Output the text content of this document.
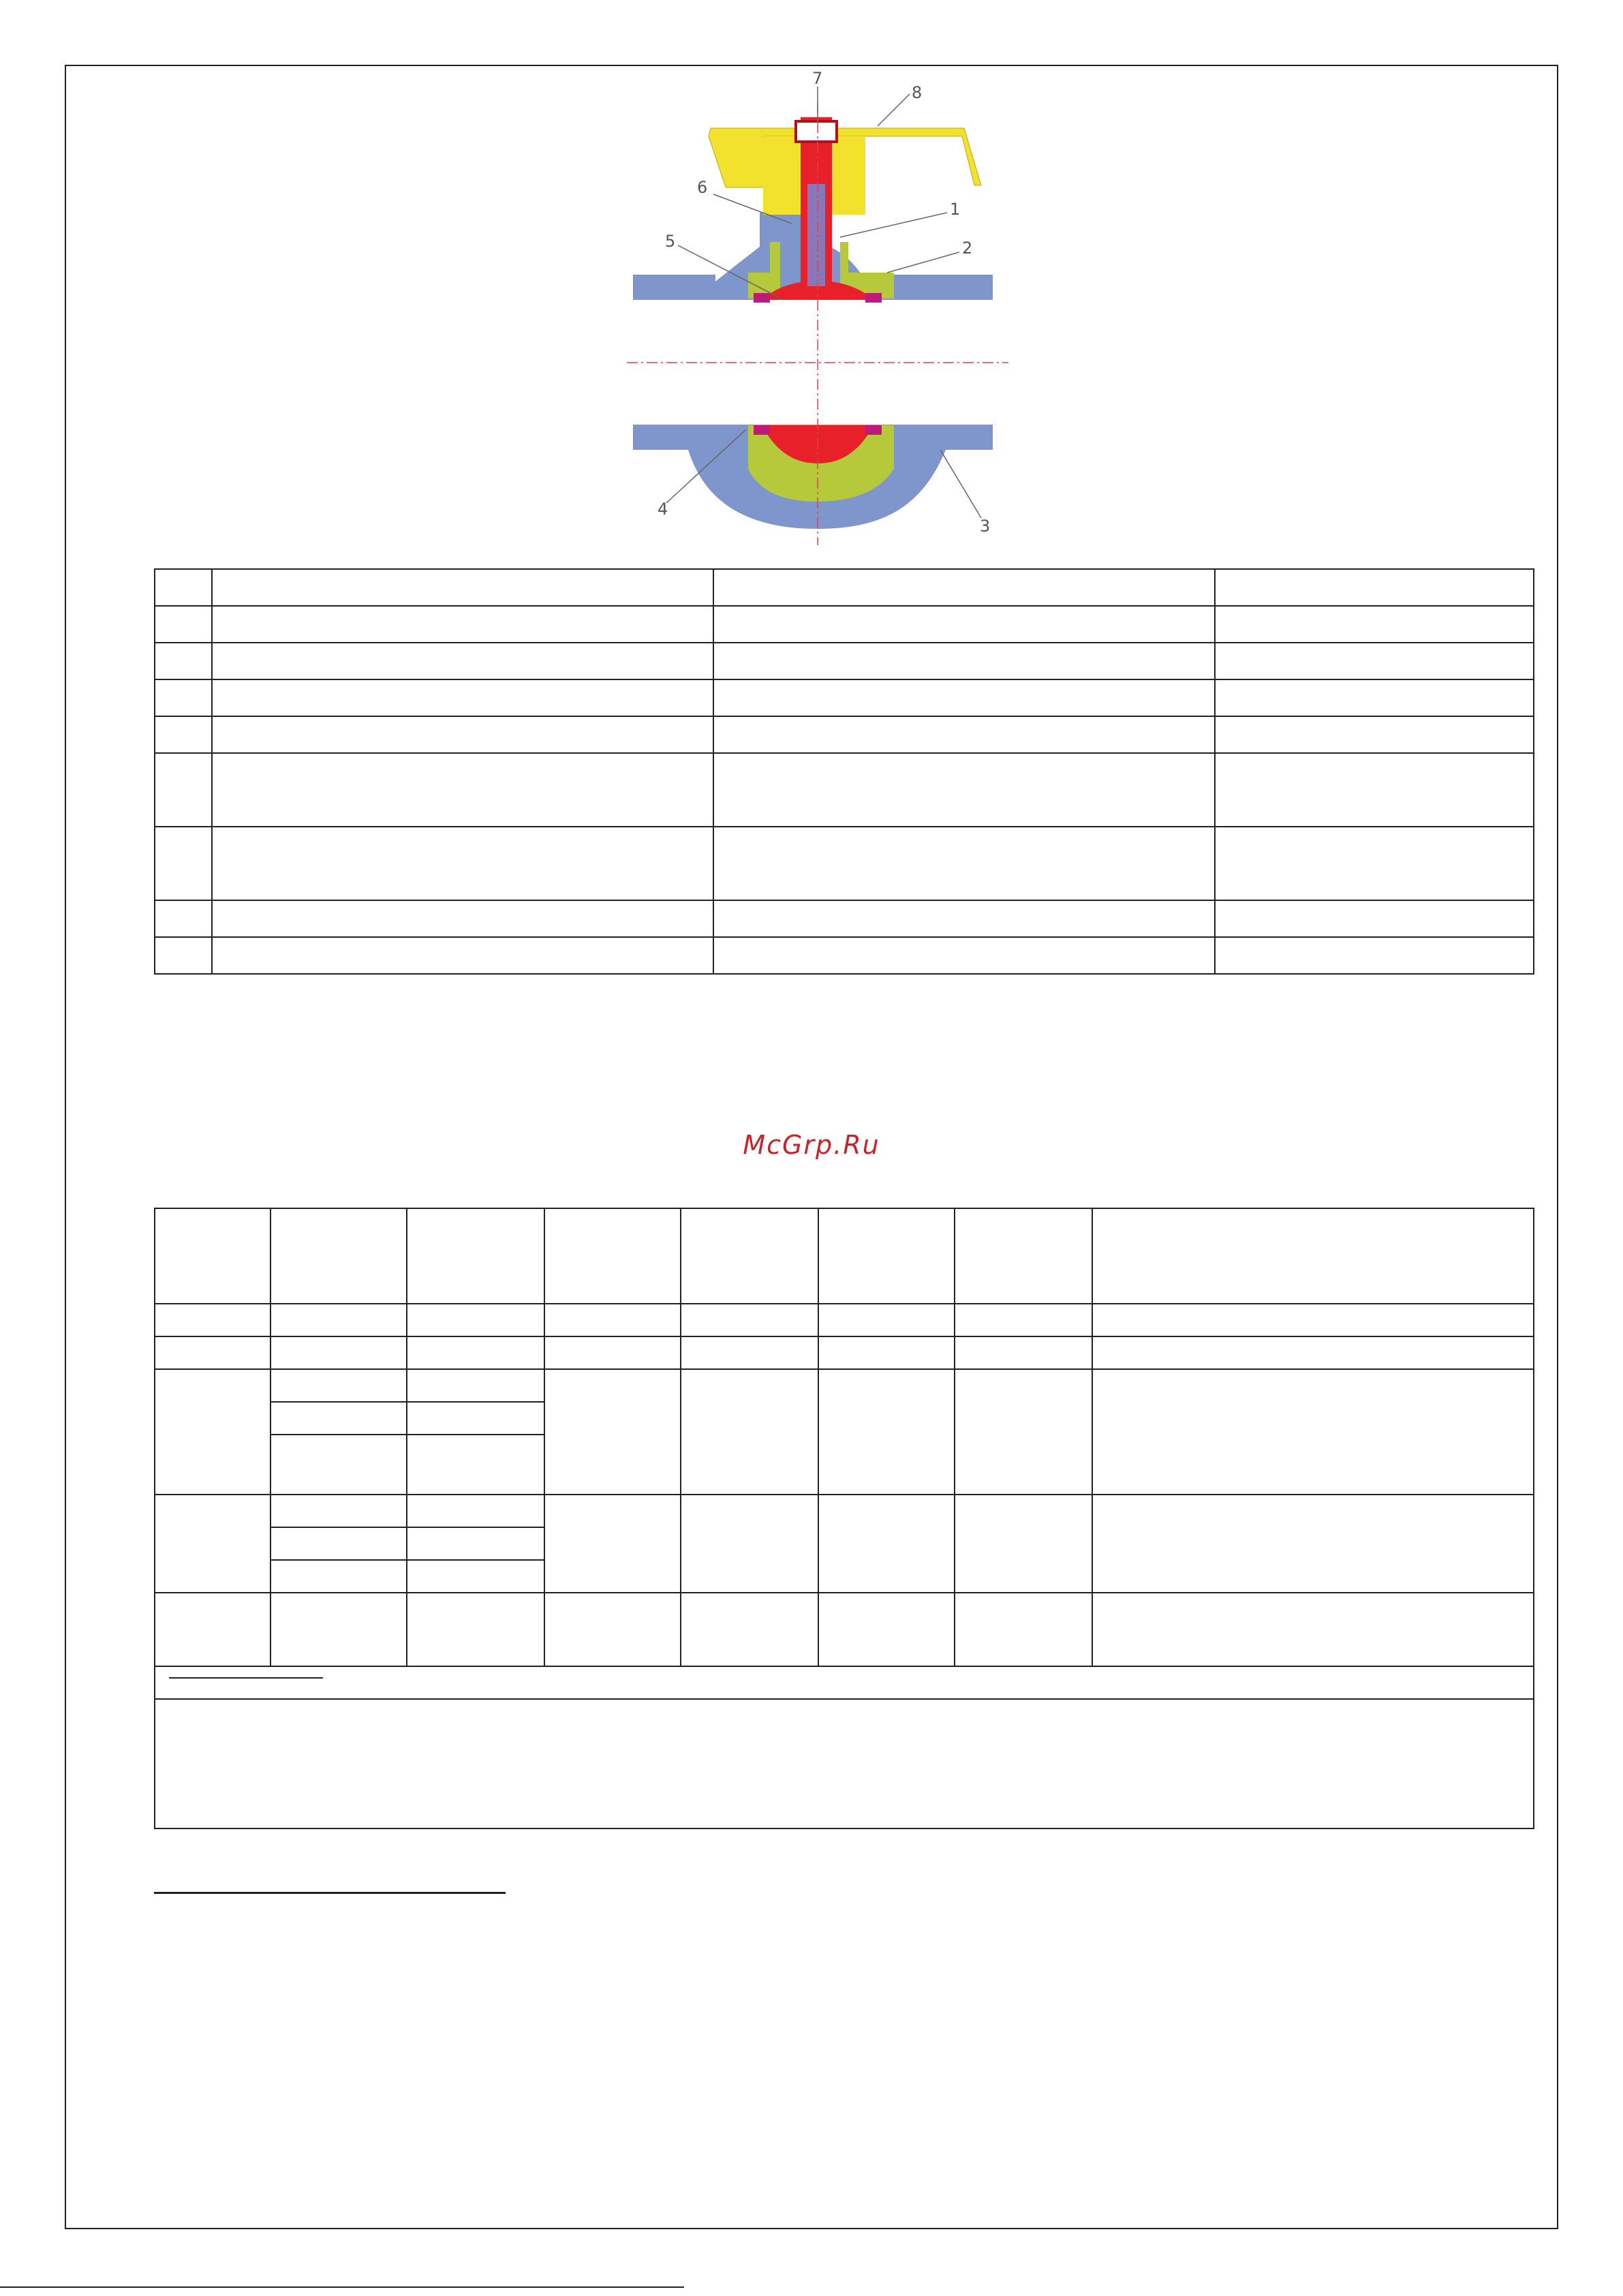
7
8
6
1
5	2
4
3

McGrp.Ru
